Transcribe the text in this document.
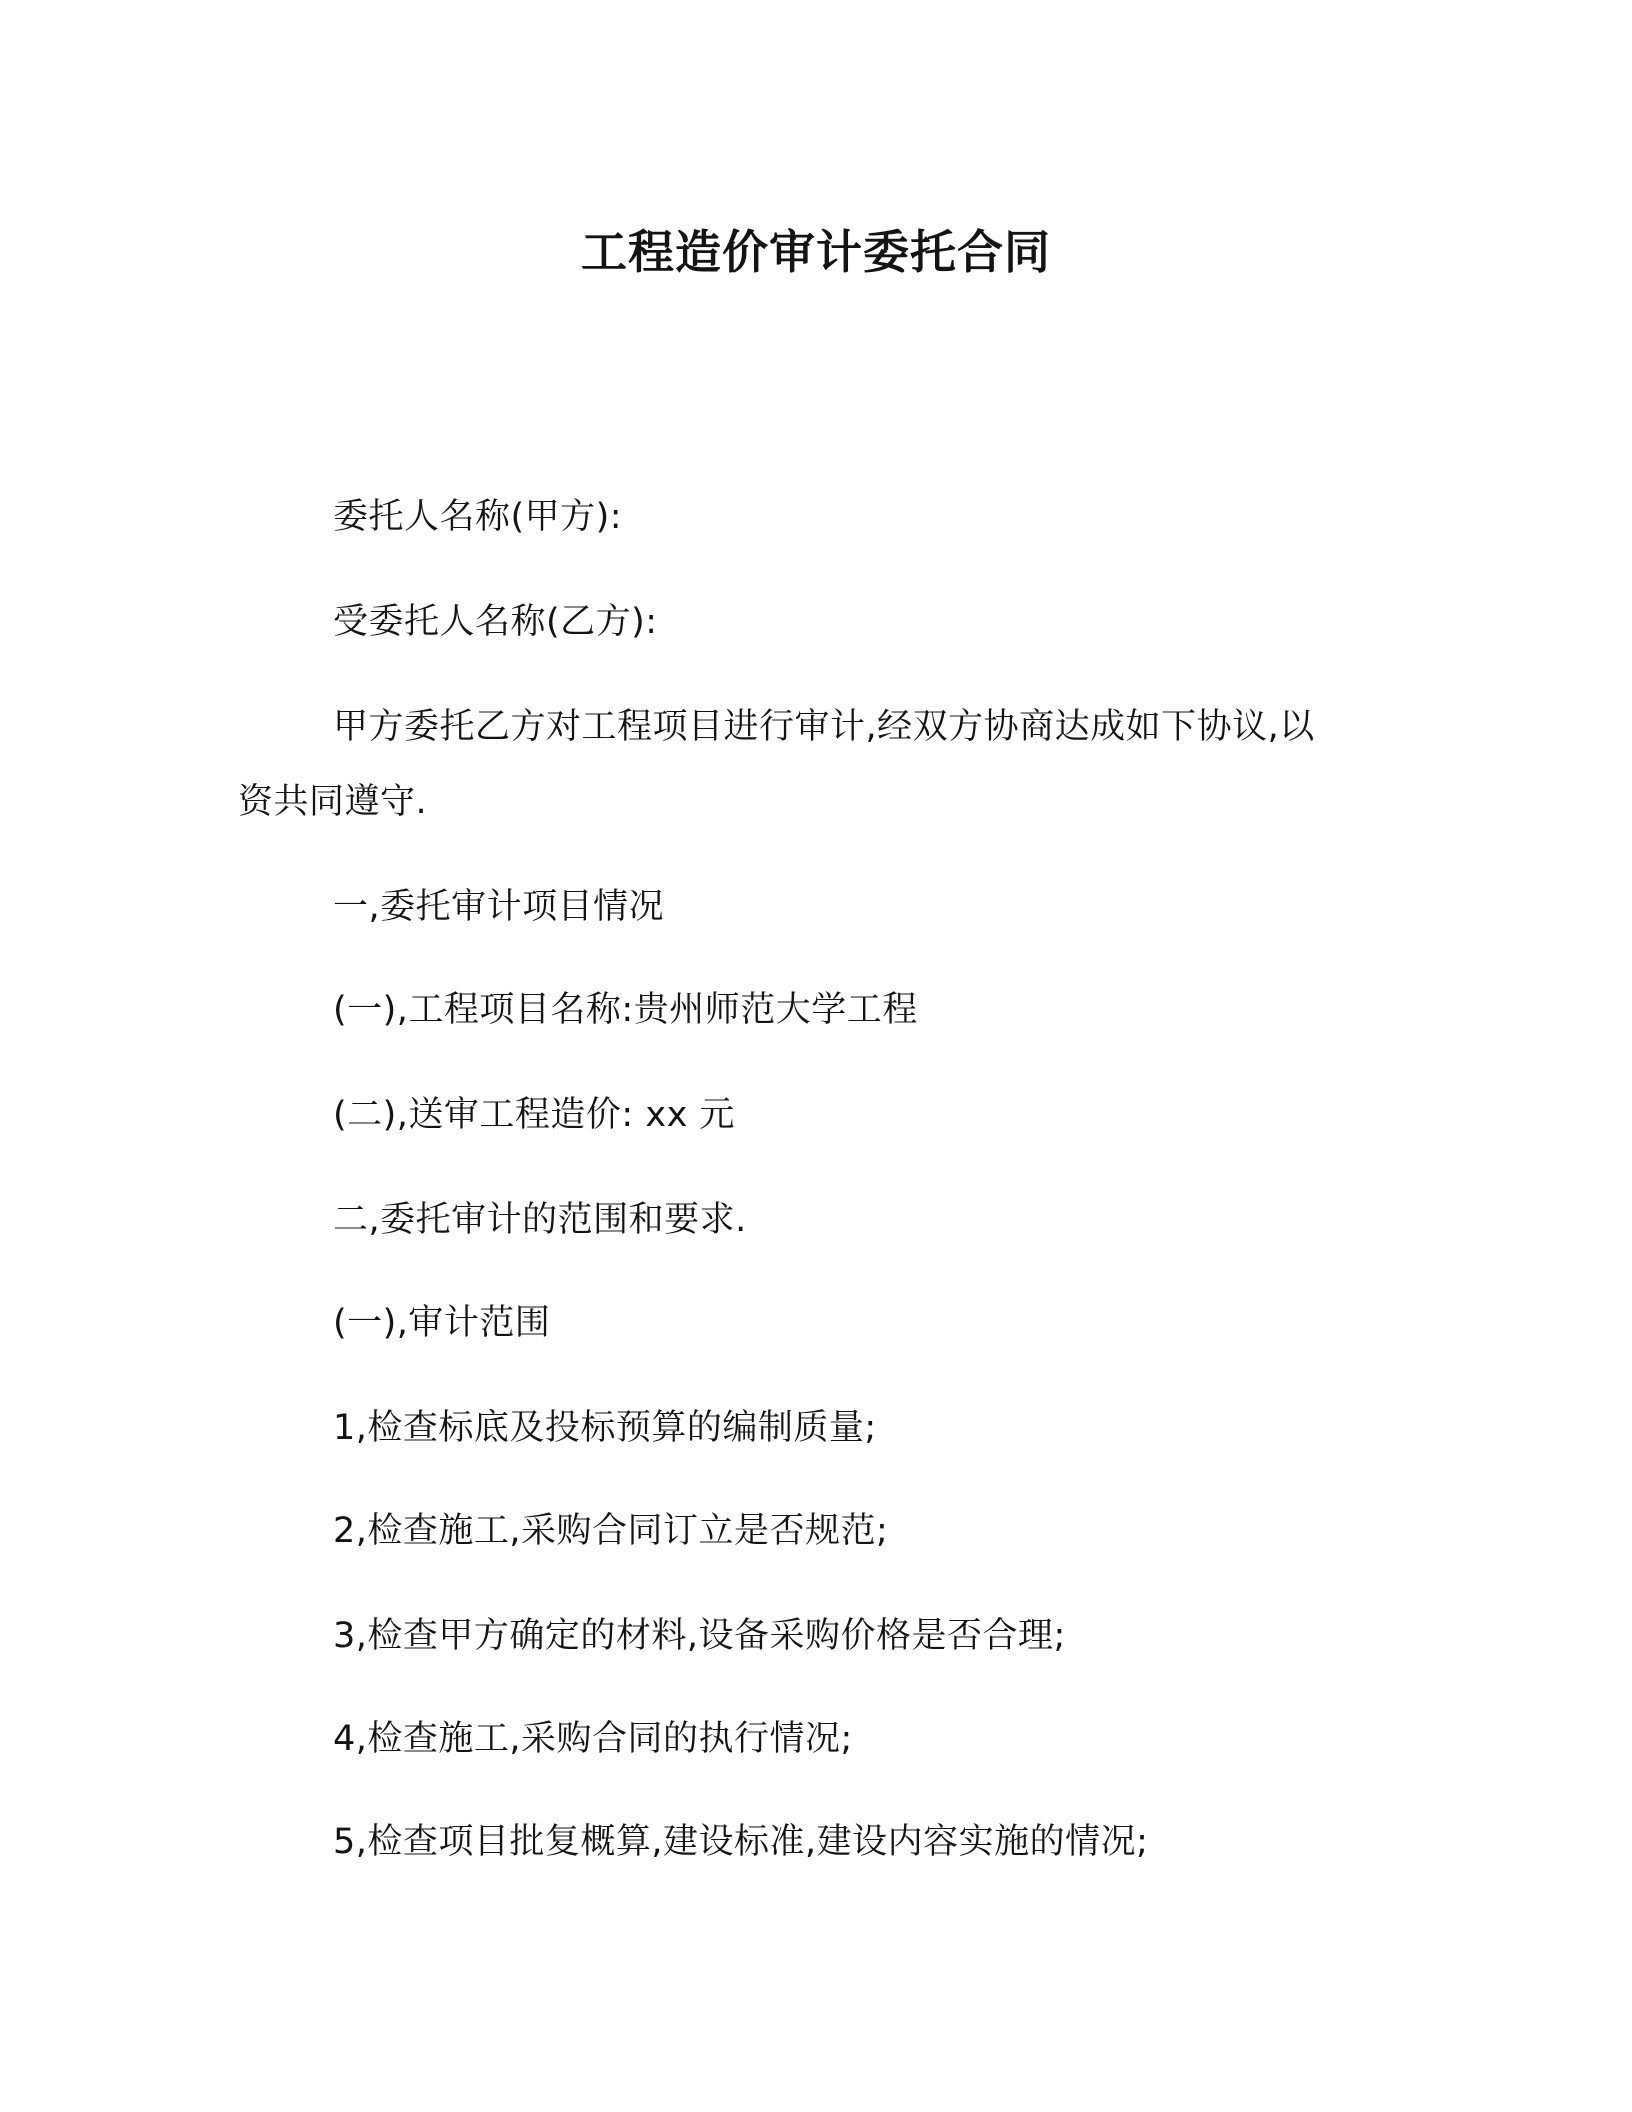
工程造价审计委托合同
委托人名称(甲方):
受委托人名称(乙方):
甲方委托乙方对工程项目进行审计,经双方协商达成如下协议,以
资共同遵守.
一,委托审计项目情况
(一),工程项目名称:贵州师范大学工程
(二),送审工程造价: xx 元
二,委托审计的范围和要求.
(一),审计范围
1,检查标底及投标预算的编制质量;
2,检查施工,采购合同订立是否规范;
3,检查甲方确定的材料,设备采购价格是否合理;
4,检查施工,采购合同的执行情况;
5,检查项目批复概算,建设标准,建设内容实施的情况;
